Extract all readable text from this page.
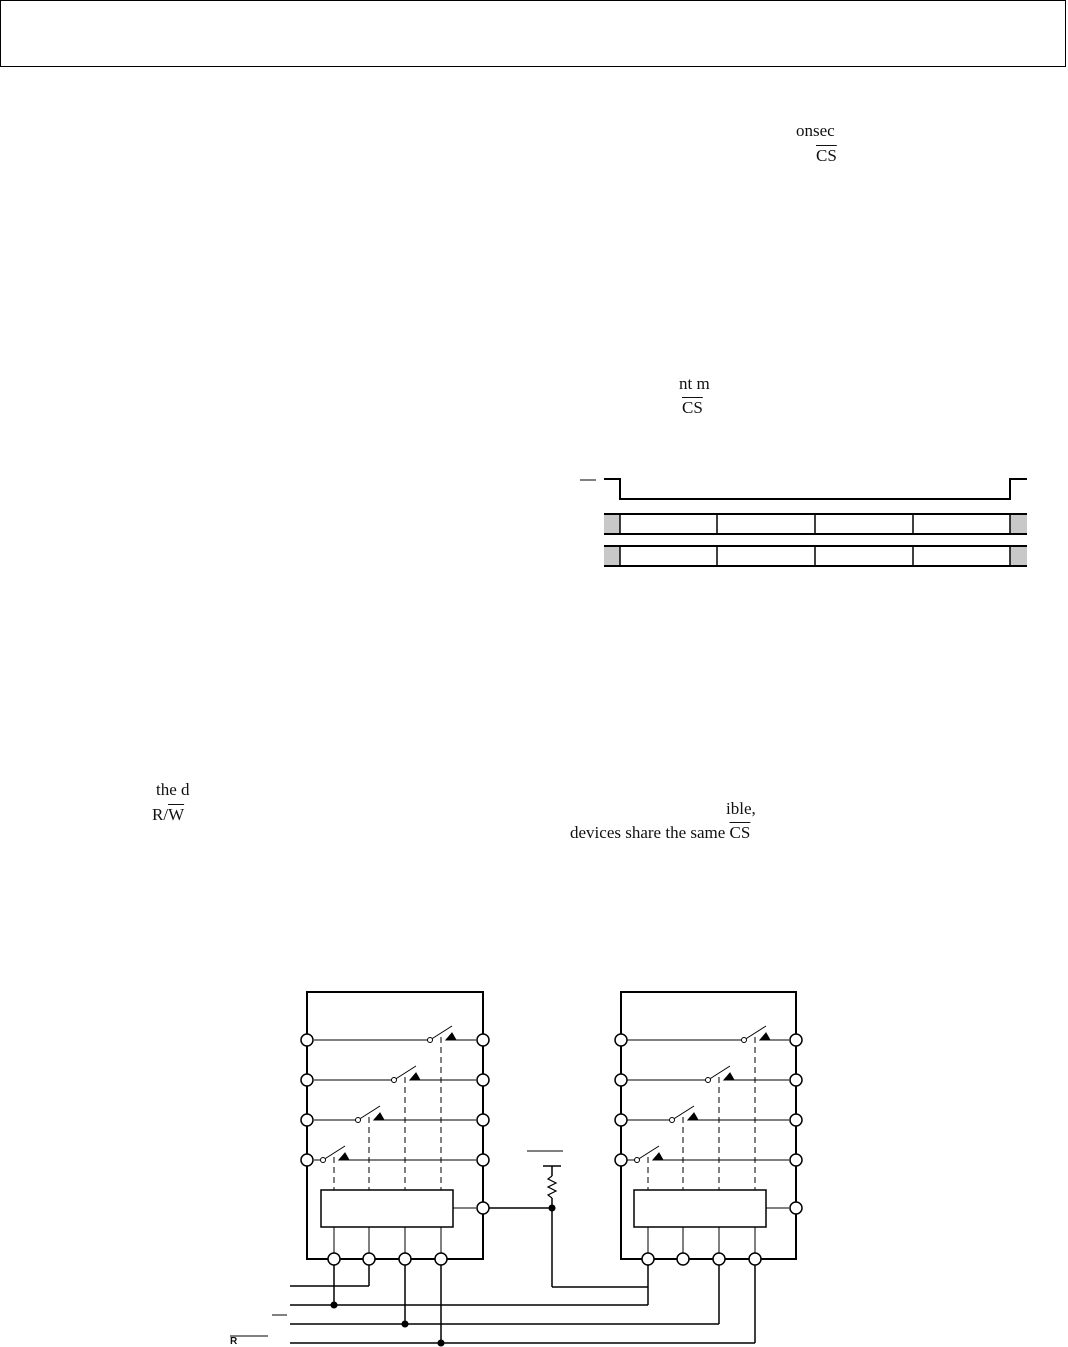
onsec
$\overline{CS}$
nt m
$\overline{CS}$
the d
$R/\overline{W}$	ible,
devices share the same $\overline{CS}$
R
